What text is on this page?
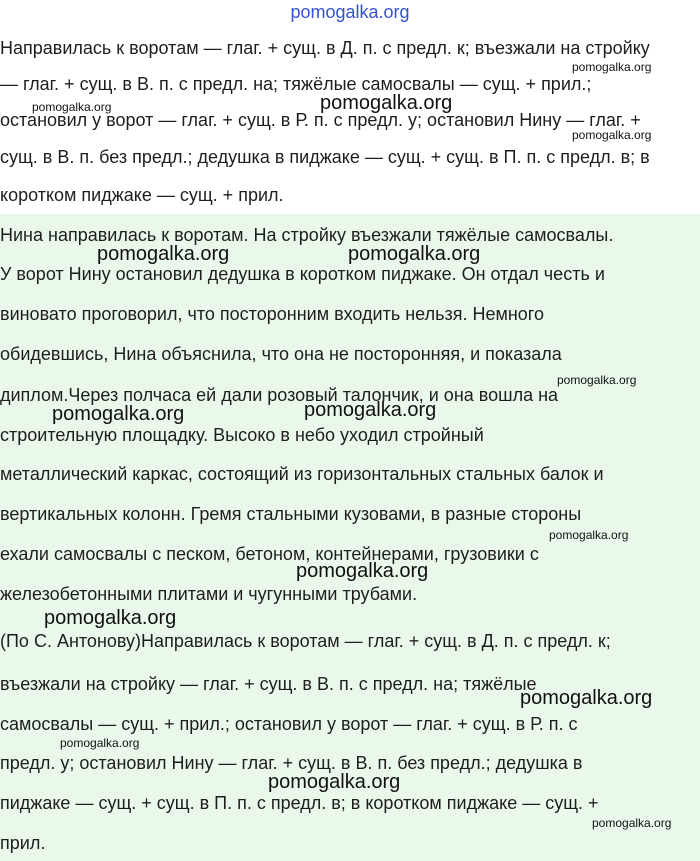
pomogalka.org
Направилась к воротам — глаг. + сущ. в Д. п. с предл. к; въезжали на стройку
— глаг. + сущ. в В. п. с предл. на; тяжёлые самосвалы — сущ. + прил.;
остановил у ворот — глаг. + сущ. в Р. п. с предл. у; остановил Нину — глаг. +
сущ. в В. п. без предл.; дедушка в пиджаке — сущ. + сущ. в П. п. с предл. в; в
коротком пиджаке — сущ. + прил.
Нина направилась к воротам. На стройку въезжали тяжёлые самосвалы.
У ворот Нину остановил дедушка в коротком пиджаке. Он отдал честь и
виновато проговорил, что посторонним входить нельзя. Немного
обидевшись, Нина объяснила, что она не посторонняя, и показала
диплом.Через полчаса ей дали розовый талончик, и она вошла на
строительную площадку. Высоко в небо уходил стройный
металлический каркас, состоящий из горизонтальных стальных балок и
вертикальных колонн. Гремя стальными кузовами, в разные стороны
ехали самосвалы с песком, бетоном, контейнерами, грузовики с
железобетонными плитами и чугунными трубами.
(По С. Антонову)Направилась к воротам — глаг. + сущ. в Д. п. с предл. к;
въезжали на стройку — глаг. + сущ. в В. п. с предл. на; тяжёлые
самосвалы — сущ. + прил.; остановил у ворот — глаг. + сущ. в Р. п. с
предл. у; остановил Нину — глаг. + сущ. в В. п. без предл.; дедушка в
пиджаке — сущ. + сущ. в П. п. с предл. в; в коротком пиджаке — сущ. +
прил.
pomogalka.org
pomogalka.org	pomogalka.org
pomogalka.org
pomogalka.org	pomogalka.org
pomogalka.org
pomogalka.org	pomogalka.org
pomogalka.org
pomogalka.org
pomogalka.org
pomogalka.org
pomogalka.org
pomogalka.org
pomogalka.org
